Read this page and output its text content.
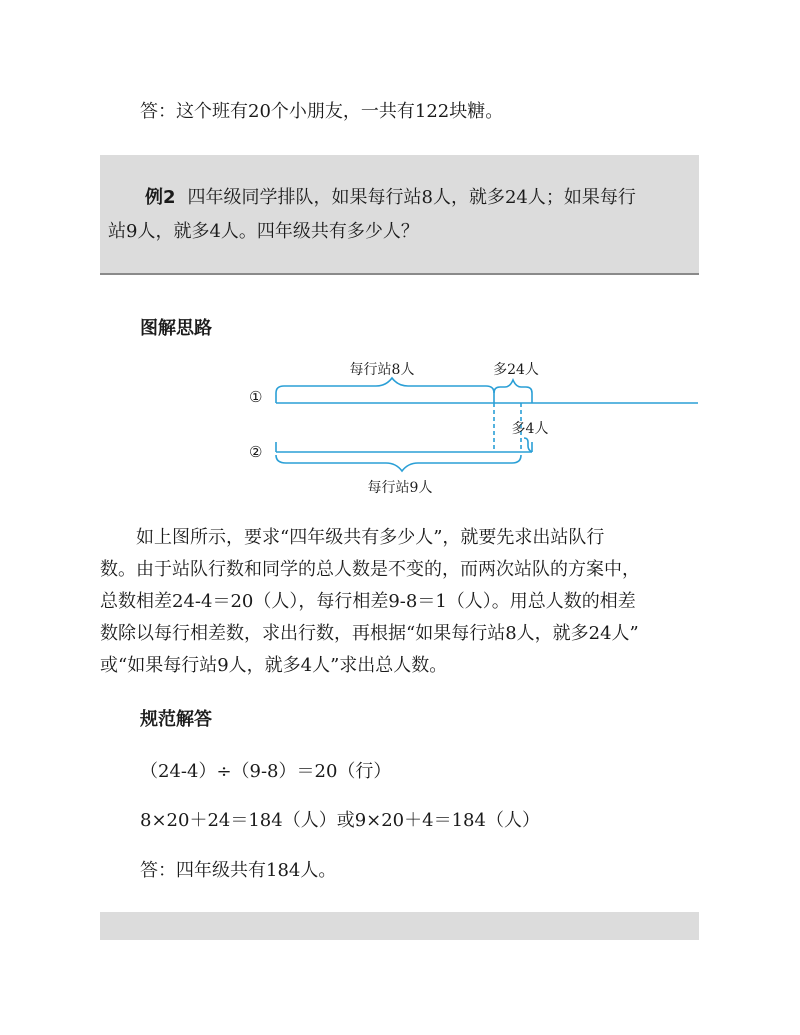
答：这个班有20个小朋友，一共有122块糖。
例2 四年级同学排队，如果每行站8人，就多24人；如果每行
站9人，就多4人。四年级共有多少人？
图解思路
①
②
每行站8人	多24人
多4人
每行站9人
如上图所示，要求“四年级共有多少人”，就要先求出站队行
数。由于站队行数和同学的总人数是不变的，而两次站队的方案中，
总数相差24-4＝20（人），每行相差9-8＝1（人）。用总人数的相差
数除以每行相差数，求出行数，再根据“如果每行站8人，就多24人”
或“如果每行站9人，就多4人”求出总人数。
规范解答
（24-4）÷（9-8）＝20（行）
8×20＋24＝184（人）或9×20＋4＝184（人）
答：四年级共有184人。
